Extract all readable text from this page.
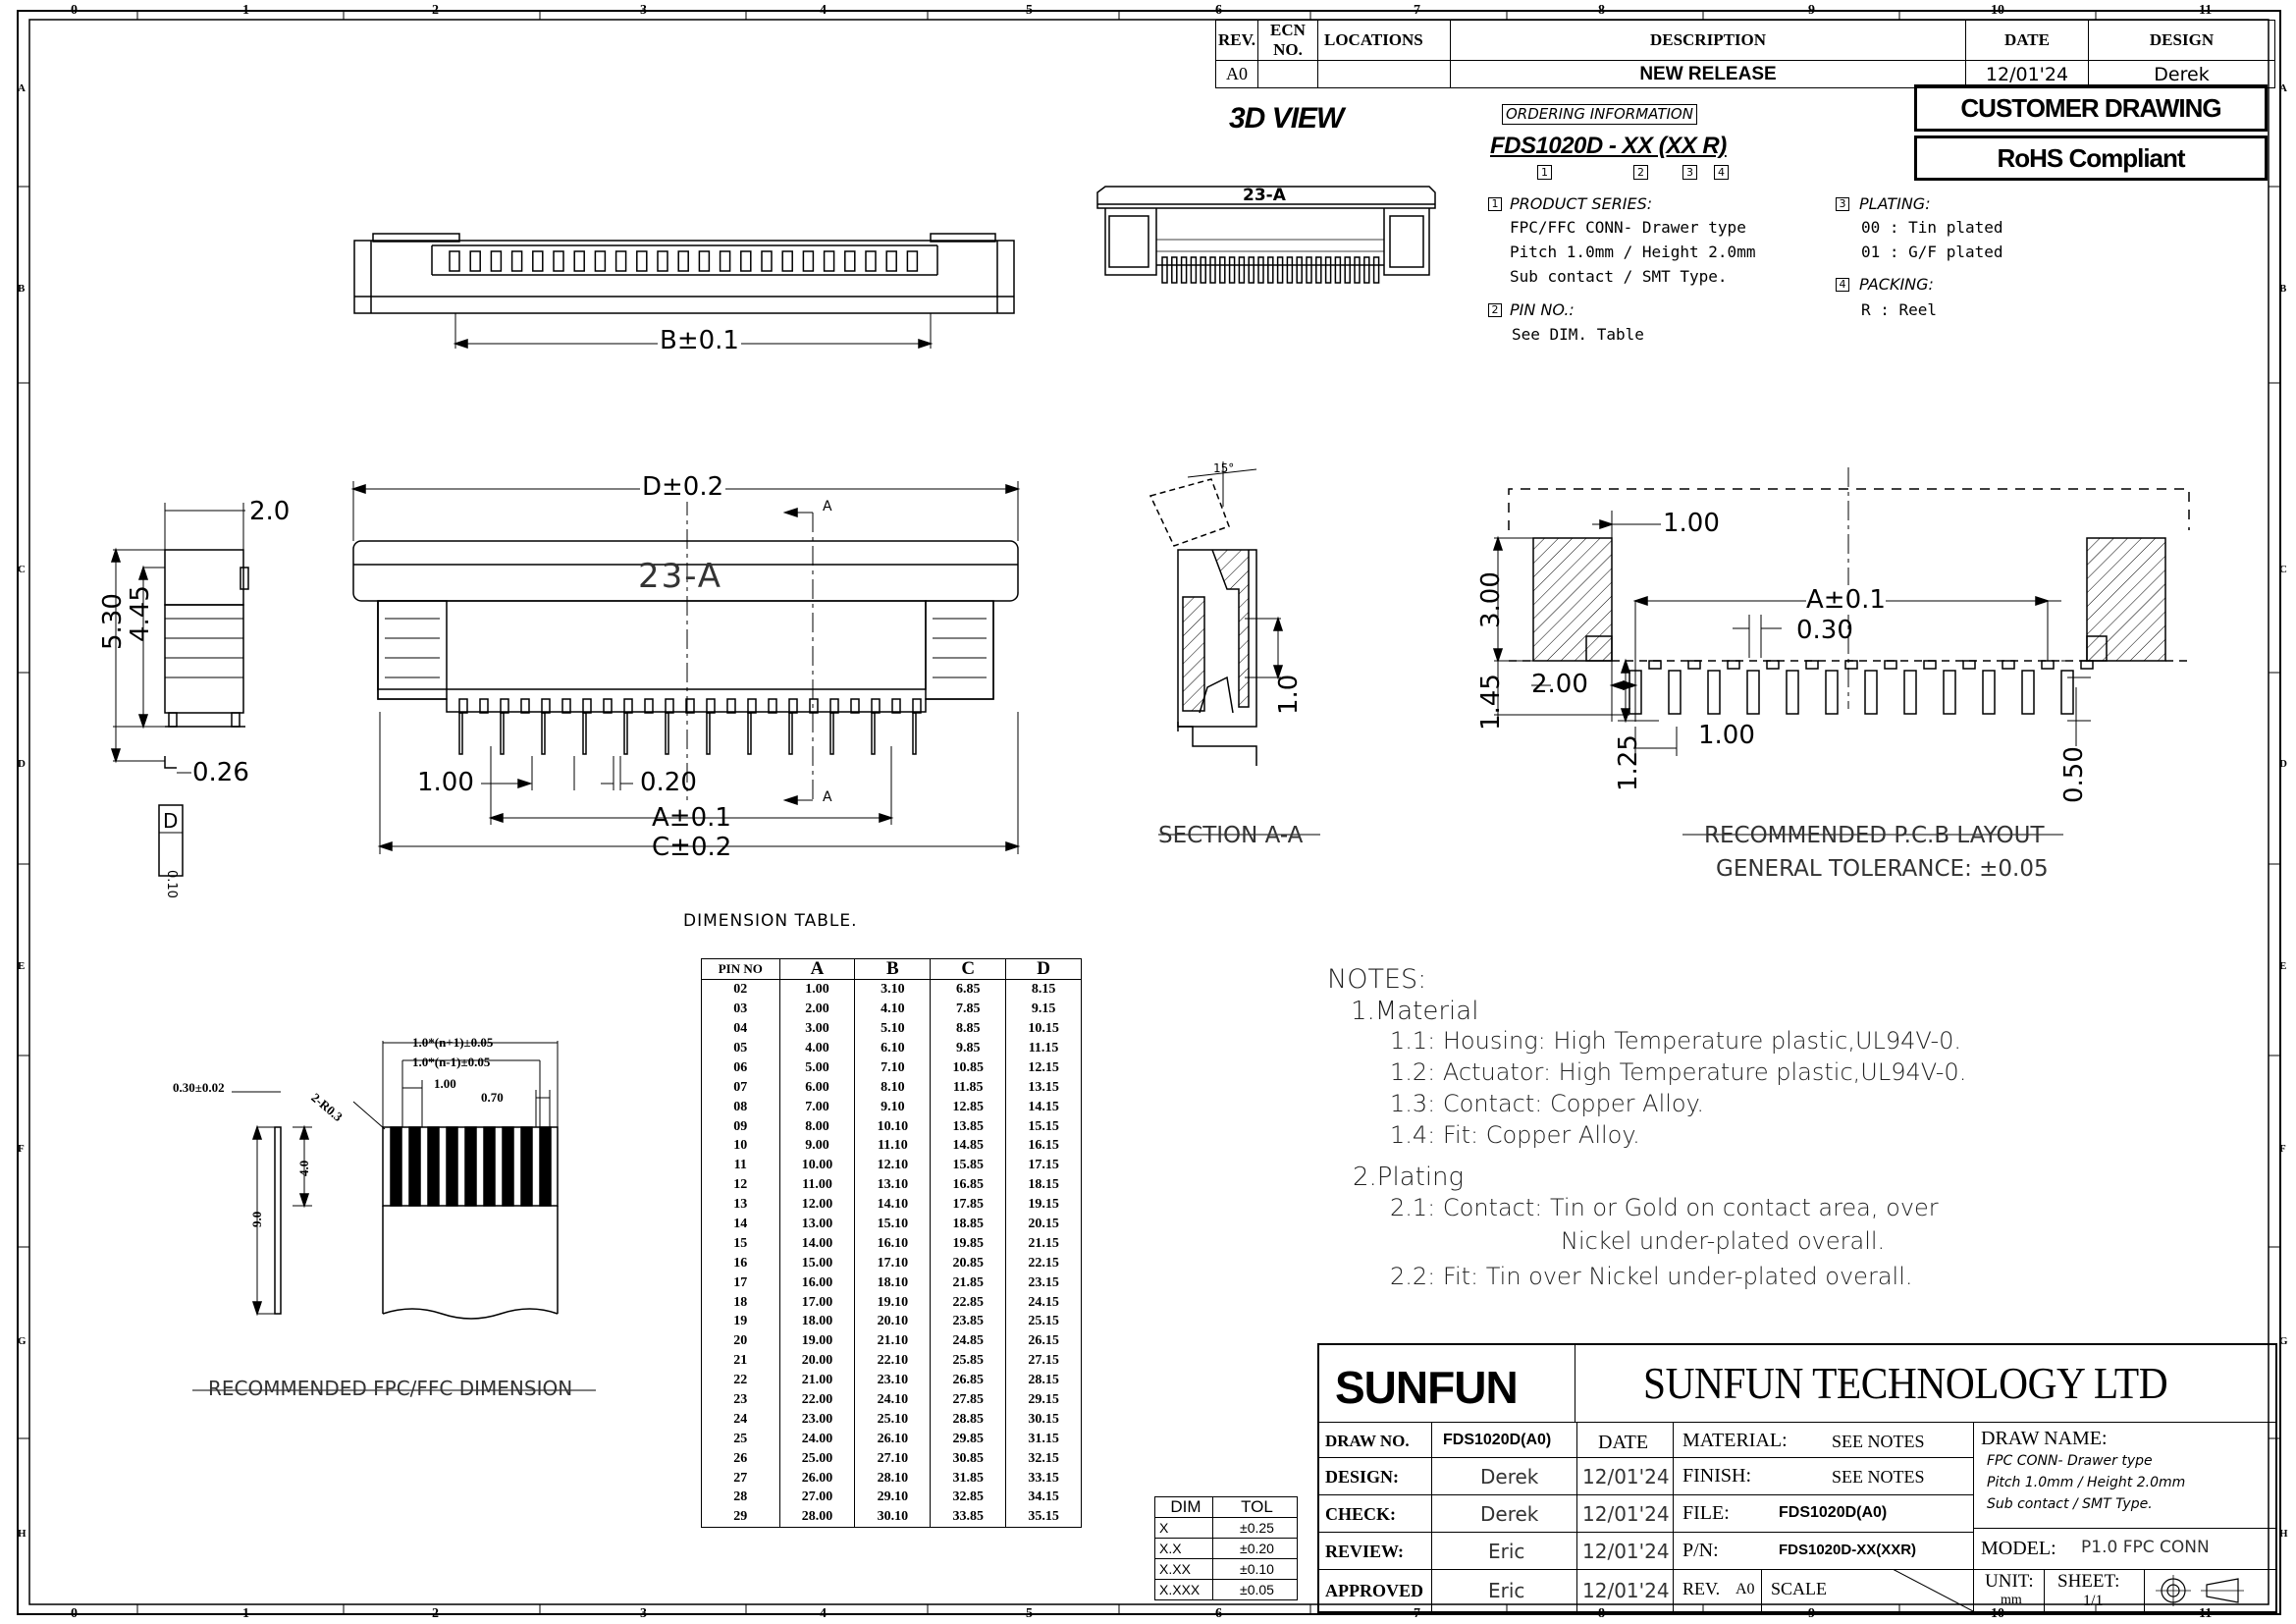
0
0
1
1
2
2
3
3
4
4
5
5
6
6
7
7
8
8
9
9
10
10
11
11
A	A
B	B
C	C
D	D
E	E
F	F
G	G
H	H
REV.	ECN NO.	LOCATIONS	DESCRIPTION	DATE	DESIGN
A0			NEW RELEASE	12/01'24	Derek
CUSTOMER DRAWING
RoHS Compliant
3D VIEW	ORDERING INFORMATION
FDS1020D - XX (XX R)
1	2	3	4
1 PRODUCT SERIES:
FPC/FFC CONN- Drawer type
Pitch 1.0mm / Height 2.0mm
Sub contact / SMT Type.
2 PIN NO.:
See DIM. Table
3 PLATING:
00 : Tin plated
01 : G/F plated
4 PACKING:
R : Reel
B±0.1
D±0.2
23-A
23-A
1.00	0.20
A±0.1
C±0.2
A
A
2.0
5.30
4.45
0.26
D
0.10
15°
1.0
SECTION A-A
1.00
3.00	A±0.1
0.30
1.45 2.00
1.25 1.00
0.50
RECOMMENDED P.C.B LAYOUT
GENERAL TOLERANCE: ±0.05
0.30±0.02
2-R0.3
1.0*(n+1)±0.05
1.0*(n-1)±0.05
1.00
0.70
4.0
9.0
RECOMMENDED FPC/FFC DIMENSION
DIMENSION TABLE.
PIN NO	A	B	C	D
02	1.00	3.10	6.85	8.15
03	2.00	4.10	7.85	9.15
04	3.00	5.10	8.85	10.15
05	4.00	6.10	9.85	11.15
06	5.00	7.10	10.85	12.15
07	6.00	8.10	11.85	13.15
08	7.00	9.10	12.85	14.15
09	8.00	10.10	13.85	15.15
10	9.00	11.10	14.85	16.15
11	10.00	12.10	15.85	17.15
12	11.00	13.10	16.85	18.15
13	12.00	14.10	17.85	19.15
14	13.00	15.10	18.85	20.15
15	14.00	16.10	19.85	21.15
16	15.00	17.10	20.85	22.15
17	16.00	18.10	21.85	23.15
18	17.00	19.10	22.85	24.15
19	18.00	20.10	23.85	25.15
20	19.00	21.10	24.85	26.15
21	20.00	22.10	25.85	27.15
22	21.00	23.10	26.85	28.15
23	22.00	24.10	27.85	29.15
24	23.00	25.10	28.85	30.15
25	24.00	26.10	29.85	31.15
26	25.00	27.10	30.85	32.15
27	26.00	28.10	31.85	33.15
28	27.00	29.10	32.85	34.15
29	28.00	30.10	33.85	35.15
NOTES:
1.Material
1.1: Housing: High Temperature plastic,UL94V-0.
1.2: Actuator: High Temperature plastic,UL94V-0.
1.3: Contact: Copper Alloy.
1.4: Fit: Copper Alloy.
2.Plating
2.1: Contact: Tin or Gold on contact area, over
Nickel under-plated overall.
2.2: Fit: Tin over Nickel under-plated overall.
DIM	TOL
X	±0.25
X.X	±0.20
X.XX	±0.10
X.XXX	±0.05
SUNFUN	SUNFUN TECHNOLOGY LTD
DRAW NO. FDS1020D(A0) DATE
DESIGN:	Derek 12/01'24
CHECK:	Derek 12/01'24
REVIEW:	Eric	12/01'24
APPROVED	Eric	12/01'24
MATERIAL:	SEE NOTES
FINISH:	SEE NOTES
FILE:	FDS1020D(A0)
P/N:	FDS1020D-XX(XXR)
REV. A0 SCALE
DRAW NAME:
FPC CONN- Drawer type
Pitch 1.0mm / Height 2.0mm
Sub contact / SMT Type.
MODEL: P1.0 FPC CONN
UNIT:
mm
SHEET:
1/1
